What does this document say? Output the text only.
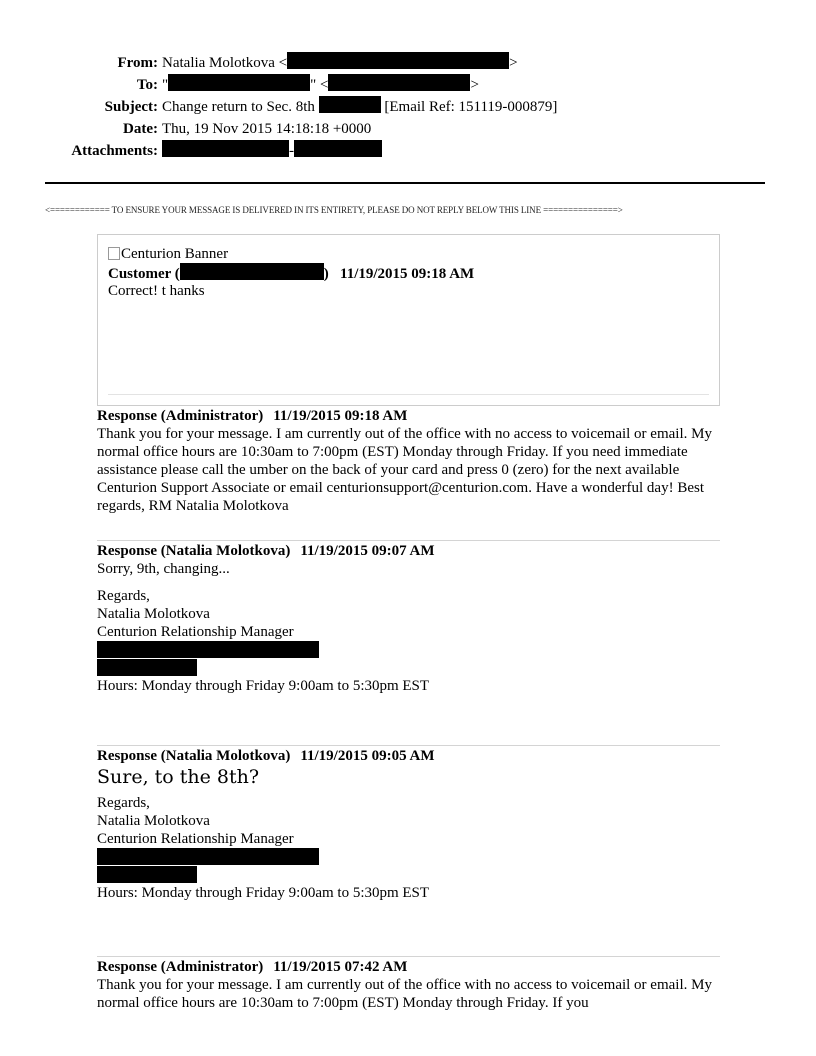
From: Natalia Molotkova <	>
To: "	" <	>
Subject: Change return to Sec. 8th	[Email Ref: 151119-000879]
Date: Thu, 19 Nov 2015 14:18:18 +0000
Attachments:	-
<============ TO ENSURE YOUR MESSAGE IS DELIVERED IN ITS ENTIRETY, PLEASE DO NOT REPLY BELOW THIS LINE ===============>
Centurion Banner
Customer (	) 11/19/2015 09:18 AM
Correct! t hanks
Response (Administrator) 11/19/2015 09:18 AM

Thank you for your message. I am currently out of the office with no access to voicemail or email. My normal office hours are 10:30am to 7:00pm (EST) Monday through Friday. If you need immediate assistance please call the umber on the back of your card and press 0 (zero) for the next available Centurion Support Associate or email centurionsupport@centurion.com. Have a wonderful day! Best regards, RM Natalia Molotkova

Response (Natalia Molotkova) 11/19/2015 09:07 AM

Sorry, 9th, changing...

Regards,
Natalia Molotkova
Centurion Relationship Manager
Hours: Monday through Friday 9:00am to 5:30pm EST
Response (Natalia Molotkova) 11/19/2015 09:05 AM

Sure, to the 8th?

Regards,
Natalia Molotkova
Centurion Relationship Manager
Hours: Monday through Friday 9:00am to 5:30pm EST
Response (Administrator) 11/19/2015 07:42 AM

Thank you for your message. I am currently out of the office with no access to voicemail or email. My normal office hours are 10:30am to 7:00pm (EST) Monday through Friday. If you
